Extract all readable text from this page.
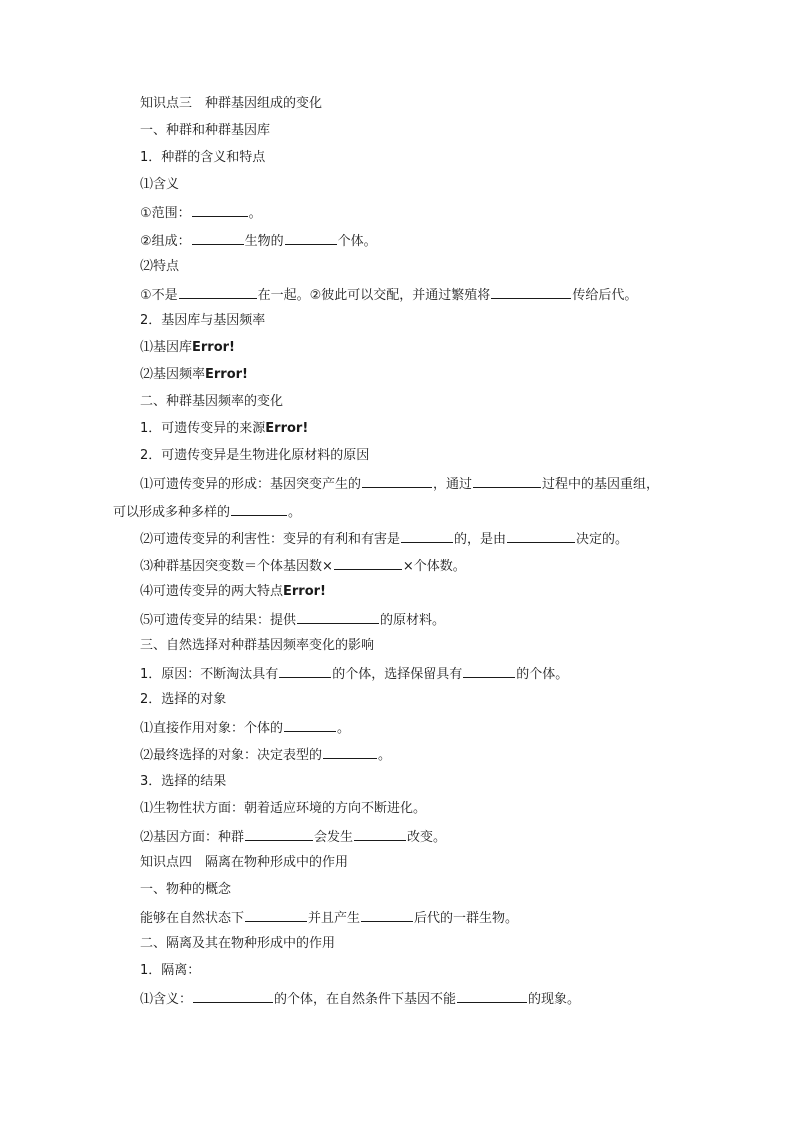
知识点三　种群基因组成的变化
一、种群和种群基因库
1．种群的含义和特点
⑴含义
①范围：	。
②组成：	生物的	个体。
⑵特点
①不是	在一起。②彼此可以交配，并通过繁殖将	传给后代。
2．基因库与基因频率
⑴基因库Error!
⑵基因频率Error!
二、种群基因频率的变化
1．可遗传变异的来源Error!
2．可遗传变异是生物进化原材料的原因
⑴可遗传变异的形成：基因突变产生的	，通过	过程中的基因重组，
可以形成多种多样的	。
⑵可遗传变异的利害性：变异的有利和有害是	的，是由	决定的。
⑶种群基因突变数＝个体基因数×	×个体数。
⑷可遗传变异的两大特点Error!
⑸可遗传变异的结果：提供	的原材料。
三、自然选择对种群基因频率变化的影响
1．原因：不断淘汰具有	的个体，选择保留具有	的个体。
2．选择的对象
⑴直接作用对象：个体的	。
⑵最终选择的对象：决定表型的	。
3．选择的结果
⑴生物性状方面：朝着适应环境的方向不断进化。
⑵基因方面：种群	会发生	改变。
知识点四　隔离在物种形成中的作用
一、物种的概念
能够在自然状态下	并且产生	后代的一群生物。
二、隔离及其在物种形成中的作用
1．隔离：
⑴含义：	的个体，在自然条件下基因不能	的现象。
